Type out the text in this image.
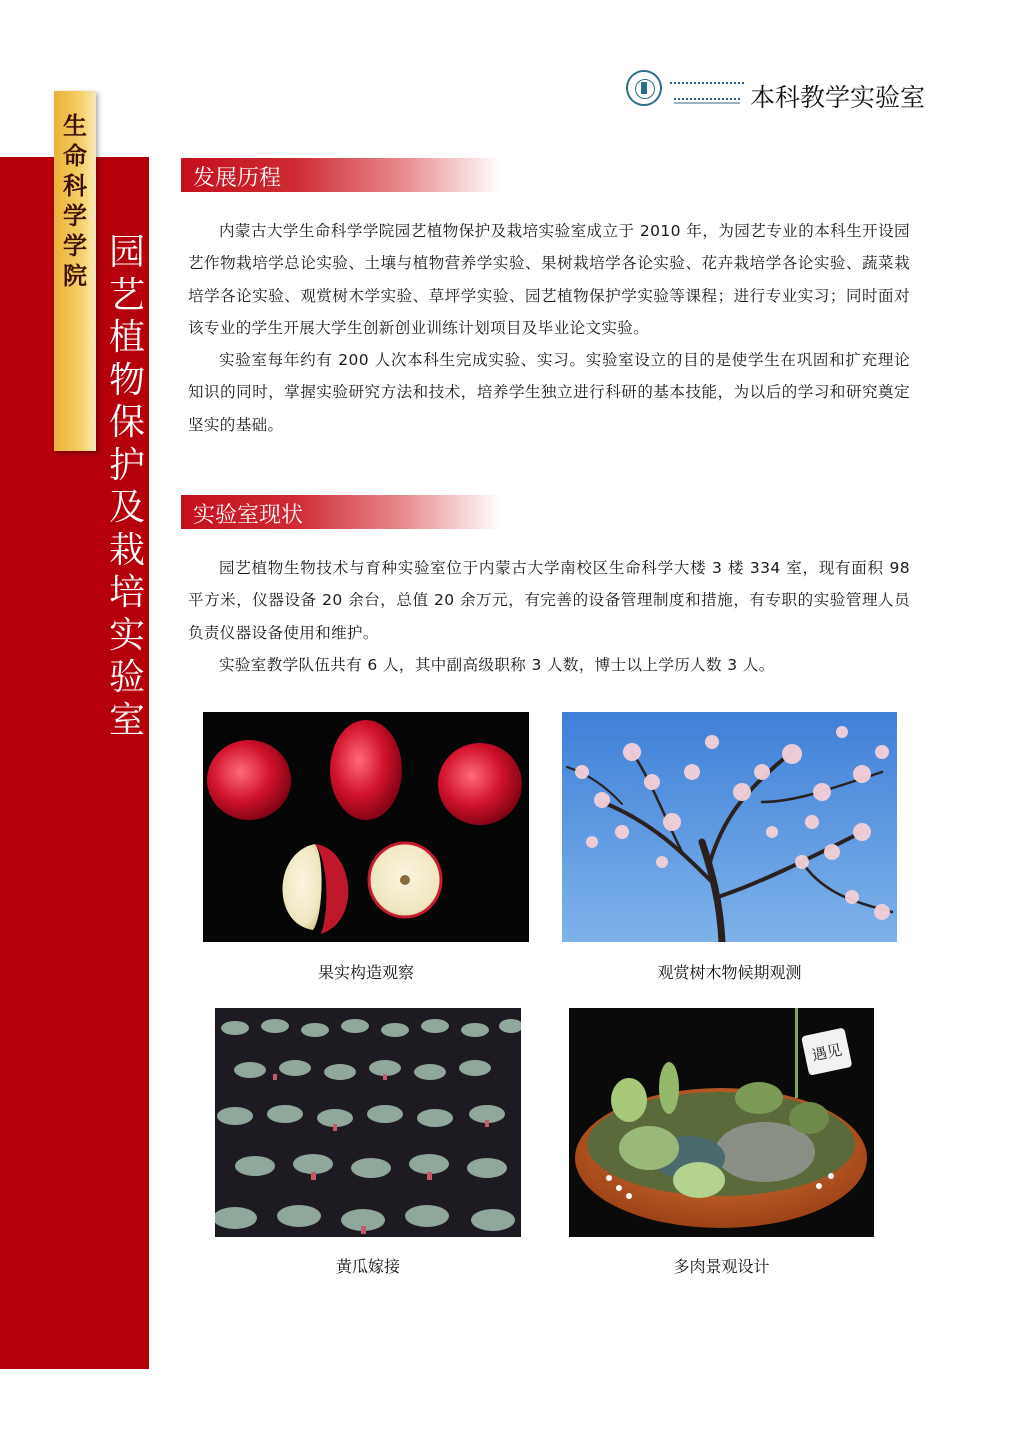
生
命
科
学
学
院
园
艺
植
物
保
护
及
栽
培
实
验
室
本科教学实验室
发展历程

内蒙古大学生命科学学院园艺植物保护及栽培实验室成立于 2010 年，为园艺专业的本科生开设园艺作物栽培学总论实验、土壤与植物营养学实验、果树栽培学各论实验、花卉栽培学各论实验、蔬菜栽培学各论实验、观赏树木学实验、草坪学实验、园艺植物保护学实验等课程；进行专业实习；同时面对该专业的学生开展大学生创新创业训练计划项目及毕业论文实验。

实验室每年约有 200 人次本科生完成实验、实习。实验室设立的目的是使学生在巩固和扩充理论知识的同时，掌握实验研究方法和技术，培养学生独立进行科研的基本技能，为以后的学习和研究奠定坚实的基础。

实验室现状

园艺植物生物技术与育种实验室位于内蒙古大学南校区生命科学大楼 3 楼 334 室，现有面积 98 平方米，仪器设备 20 余台，总值 20 余万元，有完善的设备管理制度和措施，有专职的实验管理人员负责仪器设备使用和维护。

实验室教学队伍共有 6 人，其中副高级职称 3 人数，博士以上学历人数 3 人。

果实构造观察	观赏树木物候期观测
黄瓜嫁接
遇见
多肉景观设计
